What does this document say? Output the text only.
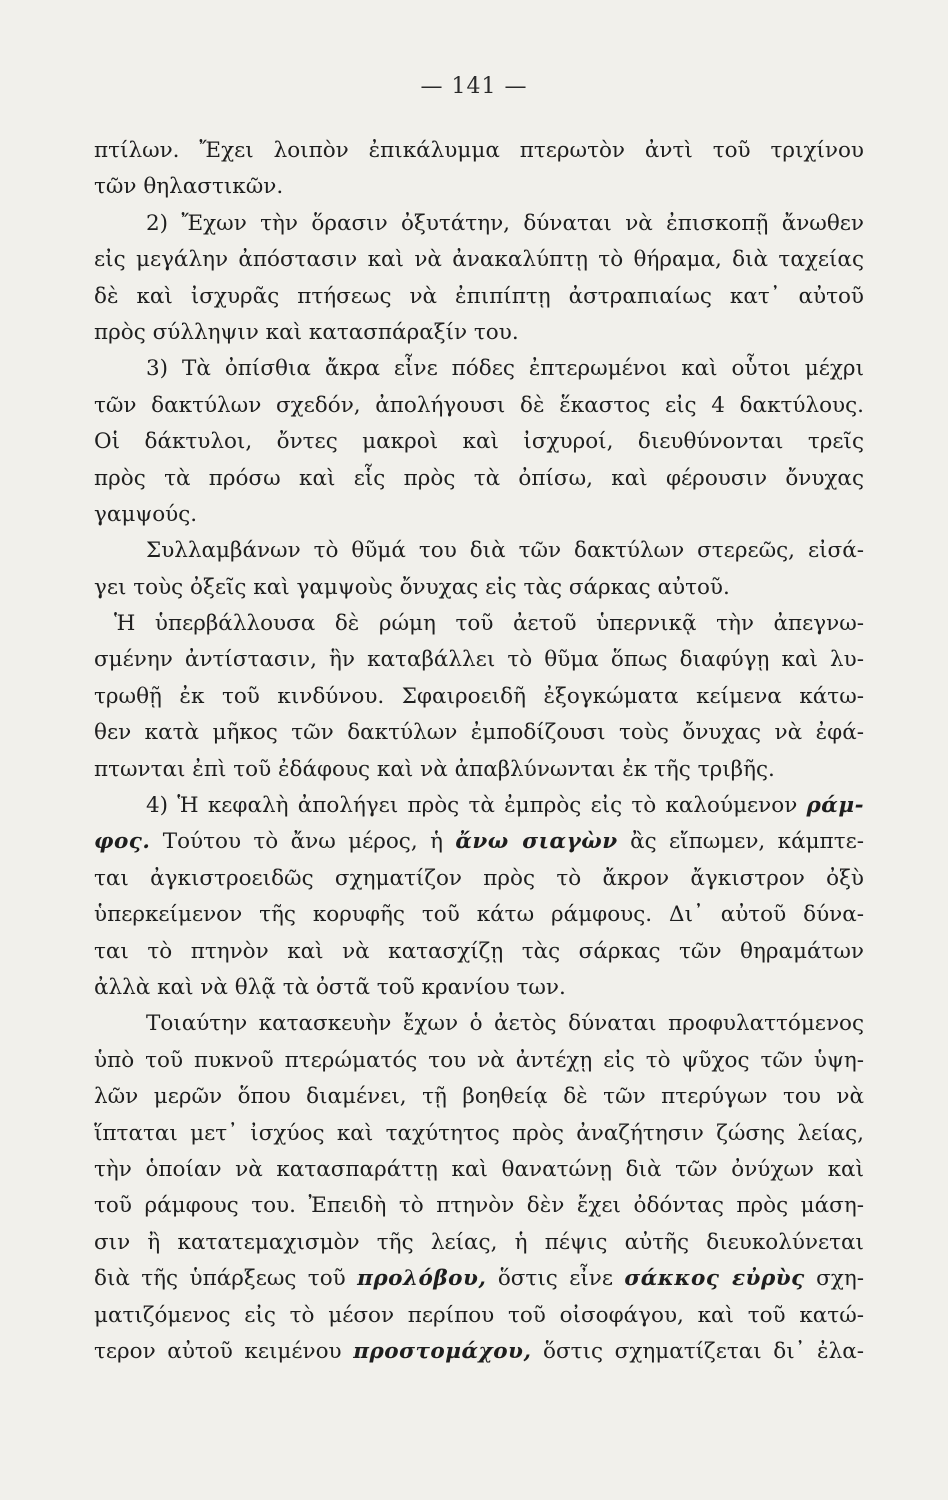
— 141 —
πτίλων. Ἔχει λοιπὸν ἐπικάλυμμα πτερωτὸν ἀντὶ τοῦ τριχίνου
τῶν θηλαστικῶν.
2) Ἔχων τὴν ὅρασιν ὀξυτάτην, δύναται νὰ ἐπισκοπῇ ἄνωθεν
εἰς μεγάλην ἀπόστασιν καὶ νὰ ἀνακαλύπτῃ τὸ θήραμα, διὰ ταχείας
δὲ καὶ ἰσχυρᾶς πτήσεως νὰ ἐπιπίπτῃ ἀστραπιαίως κατ᾽ αὐτοῦ
πρὸς σύλληψιν καὶ κατασπάραξίν του.
3) Τὰ ὀπίσθια ἄκρα εἶνε πόδες ἐπτερωμένοι καὶ οὗτοι μέχρι
τῶν δακτύλων σχεδόν, ἀπολήγουσι δὲ ἕκαστος εἰς 4 δακτύλους.
Οἱ δάκτυλοι, ὄντες μακροὶ καὶ ἰσχυροί, διευθύνονται τρεῖς
πρὸς τὰ πρόσω καὶ εἷς πρὸς τὰ ὀπίσω, καὶ φέρουσιν ὄνυχας
γαμψούς.
Συλλαμβάνων τὸ θῦμά του διὰ τῶν δακτύλων στερεῶς, εἰσά-
γει τοὺς ὀξεῖς καὶ γαμψοὺς ὄνυχας εἰς τὰς σάρκας αὐτοῦ.
Ἡ ὑπερβάλλουσα δὲ ρώμη τοῦ ἀετοῦ ὑπερνικᾷ τὴν ἀπεγνω-
σμένην ἀντίστασιν, ἣν καταβάλλει τὸ θῦμα ὅπως διαφύγῃ καὶ λυ-
τρωθῇ ἐκ τοῦ κινδύνου. Σφαιροειδῆ ἐξογκώματα κείμενα κάτω-
θεν κατὰ μῆκος τῶν δακτύλων ἐμποδίζουσι τοὺς ὄνυχας νὰ ἐφά-
πτωνται ἐπὶ τοῦ ἐδάφους καὶ νὰ ἀπαβλύνωνται ἐκ τῆς τριβῆς.
4) Ἡ κεφαλὴ ἀπολήγει πρὸς τὰ ἐμπρὸς εἰς τὸ καλούμενον ράμ-
φος. Τούτου τὸ ἄνω μέρος, ἡ ἄνω σιαγὼν ἂς εἴπωμεν, κάμπτε-
ται ἀγκιστροειδῶς σχηματίζον πρὸς τὸ ἄκρον ἄγκιστρον ὀξὺ
ὑπερκείμενον τῆς κορυφῆς τοῦ κάτω ράμφους. Δι᾽ αὐτοῦ δύνα-
ται τὸ πτηνὸν καὶ νὰ κατασχίζῃ τὰς σάρκας τῶν θηραμάτων
ἀλλὰ καὶ νὰ θλᾷ τὰ ὀστᾶ τοῦ κρανίου των.
Τοιαύτην κατασκευὴν ἔχων ὁ ἀετὸς δύναται προφυλαττόμενος
ὑπὸ τοῦ πυκνοῦ πτερώματός του νὰ ἀντέχῃ εἰς τὸ ψῦχος τῶν ὑψη-
λῶν μερῶν ὅπου διαμένει, τῇ βοηθείᾳ δὲ τῶν πτερύγων του νὰ
ἵπταται μετ᾽ ἰσχύος καὶ ταχύτητος πρὸς ἀναζήτησιν ζώσης λείας,
τὴν ὁποίαν νὰ κατασπαράττῃ καὶ θανατώνῃ διὰ τῶν ὀνύχων καὶ
τοῦ ράμφους του. Ἐπειδὴ τὸ πτηνὸν δὲν ἔχει ὀδόντας πρὸς μάση-
σιν ἢ κατατεμαχισμὸν τῆς λείας, ἡ πέψις αὐτῆς διευκολύνεται
διὰ τῆς ὑπάρξεως τοῦ προλόβου, ὅστις εἶνε σάκκος εὐρὺς σχη-
ματιζόμενος εἰς τὸ μέσον περίπου τοῦ οἰσοφάγου, καὶ τοῦ κατώ-
τερον αὐτοῦ κειμένου προστομάχου, ὅστις σχηματίζεται δι᾽ ἐλα-
